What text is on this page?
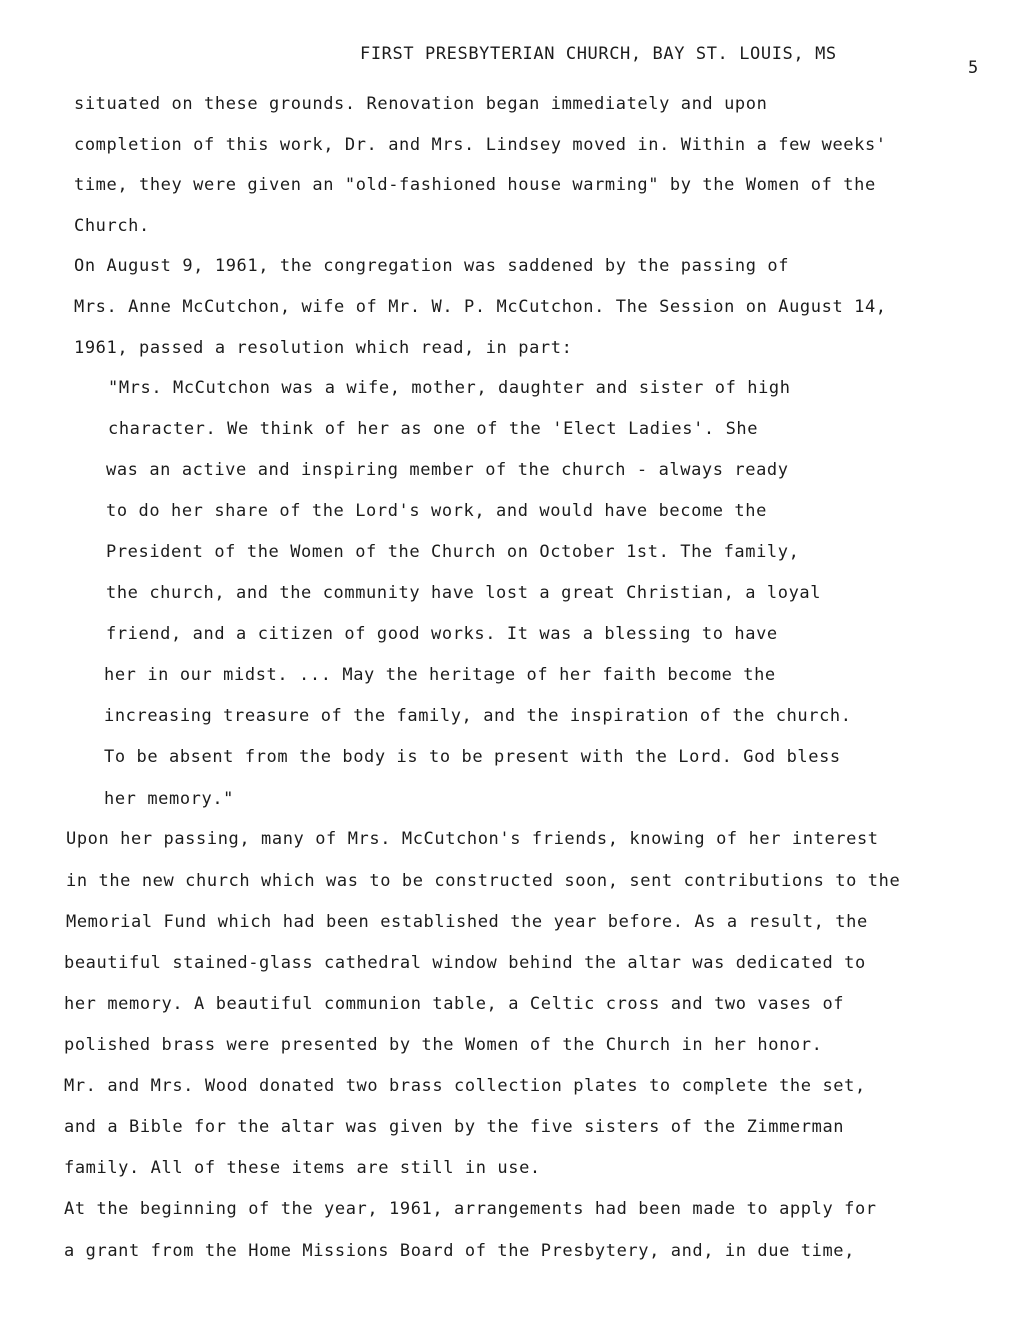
FIRST PRESBYTERIAN CHURCH, BAY ST. LOUIS, MS
5

situated on these grounds. Renovation began immediately and upon

completion of this work, Dr. and Mrs. Lindsey moved in. Within a few weeks'

time, they were given an "old-fashioned house warming" by the Women of the

Church.

On August 9, 1961, the congregation was saddened by the passing of

Mrs. Anne McCutchon, wife of Mr. W. P. McCutchon. The Session on August 14,

1961, passed a resolution which read, in part:

"Mrs. McCutchon was a wife, mother, daughter and sister of high

character. We think of her as one of the 'Elect Ladies'. She

was an active and inspiring member of the church - always ready

to do her share of the Lord's work, and would have become the

President of the Women of the Church on October 1st. The family,

the church, and the community have lost a great Christian, a loyal

friend, and a citizen of good works. It was a blessing to have

her in our midst. ... May the heritage of her faith become the

increasing treasure of the family, and the inspiration of the church.

To be absent from the body is to be present with the Lord. God bless

her memory."

Upon her passing, many of Mrs. McCutchon's friends, knowing of her interest

in the new church which was to be constructed soon, sent contributions to the

Memorial Fund which had been established the year before. As a result, the

beautiful stained-glass cathedral window behind the altar was dedicated to

her memory. A beautiful communion table, a Celtic cross and two vases of

polished brass were presented by the Women of the Church in her honor.

Mr. and Mrs. Wood donated two brass collection plates to complete the set,

and a Bible for the altar was given by the five sisters of the Zimmerman

family. All of these items are still in use.

At the beginning of the year, 1961, arrangements had been made to apply for

a grant from the Home Missions Board of the Presbytery, and, in due time,
